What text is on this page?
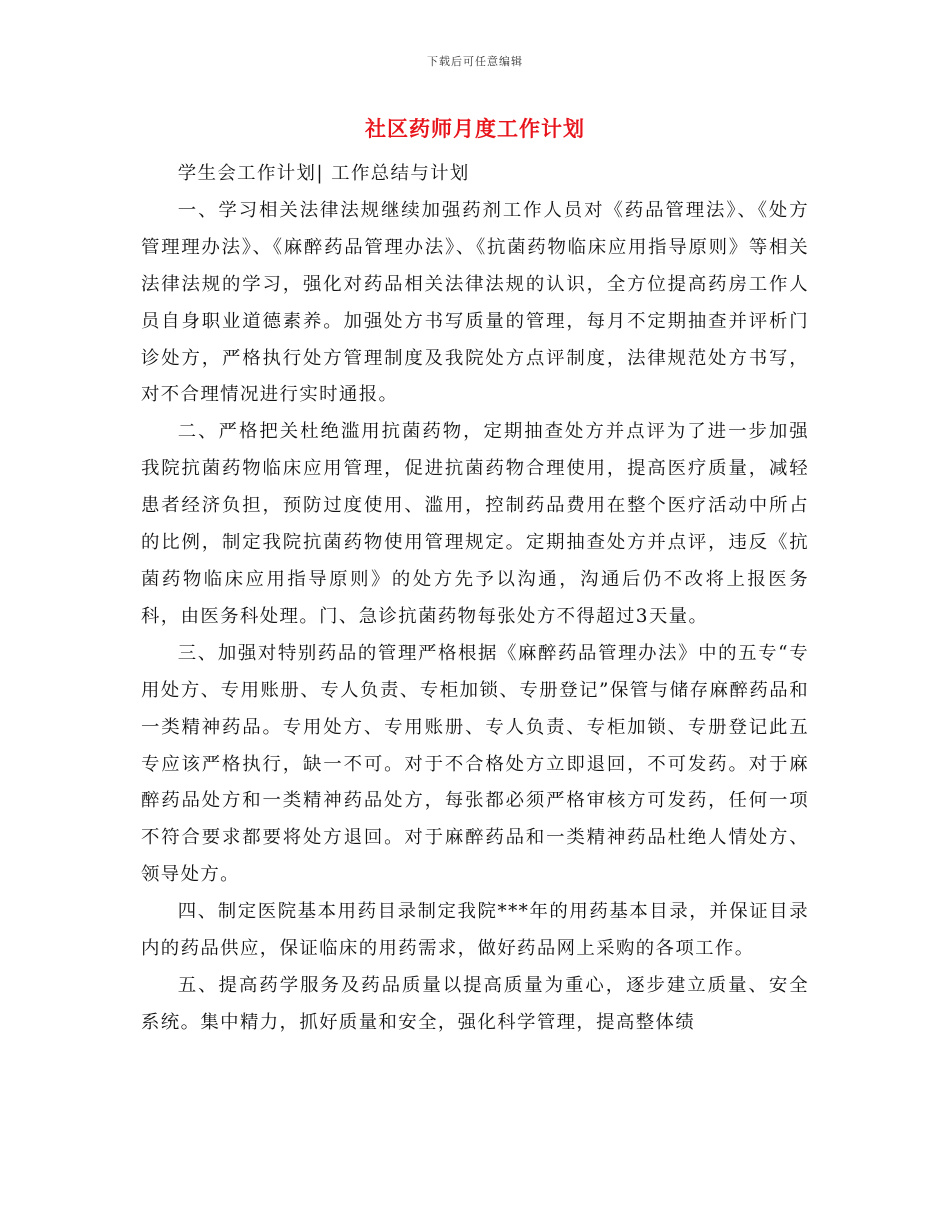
下载后可任意编辑
社区药师月度工作计划

学生会工作计划| 工作总结与计划

一、学习相关法律法规继续加强药剂工作人员对《药品管理法》、《处方管理理办法》、《麻醉药品管理办法》、《抗菌药物临床应用指导原则》等相关法律法规的学习，强化对药品相关法律法规的认识，全方位提高药房工作人员自身职业道德素养。加强处方书写质量的管理，每月不定期抽查并评析门诊处方，严格执行处方管理制度及我院处方点评制度，法律规范处方书写，对不合理情况进行实时通报。

二、严格把关杜绝滥用抗菌药物，定期抽查处方并点评为了进一步加强我院抗菌药物临床应用管理，促进抗菌药物合理使用，提高医疗质量，减轻患者经济负担，预防过度使用、滥用，控制药品费用在整个医疗活动中所占的比例，制定我院抗菌药物使用管理规定。定期抽查处方并点评，违反《抗菌药物临床应用指导原则》的处方先予以沟通，沟通后仍不改将上报医务科，由医务科处理。门、急诊抗菌药物每张处方不得超过3天量。

三、加强对特别药品的管理严格根据《麻醉药品管理办法》中的五专“专用处方、专用账册、专人负责、专柜加锁、专册登记”保管与储存麻醉药品和一类精神药品。专用处方、专用账册、专人负责、专柜加锁、专册登记此五专应该严格执行，缺一不可。对于不合格处方立即退回，不可发药。对于麻醉药品处方和一类精神药品处方，每张都必须严格审核方可发药，任何一项不符合要求都要将处方退回。对于麻醉药品和一类精神药品杜绝人情处方、领导处方。

四、制定医院基本用药目录制定我院***年的用药基本目录，并保证目录内的药品供应，保证临床的用药需求，做好药品网上采购的各项工作。

五、提高药学服务及药品质量以提高质量为重心，逐步建立质量、安全系统。集中精力，抓好质量和安全，强化科学管理，提高整体绩
